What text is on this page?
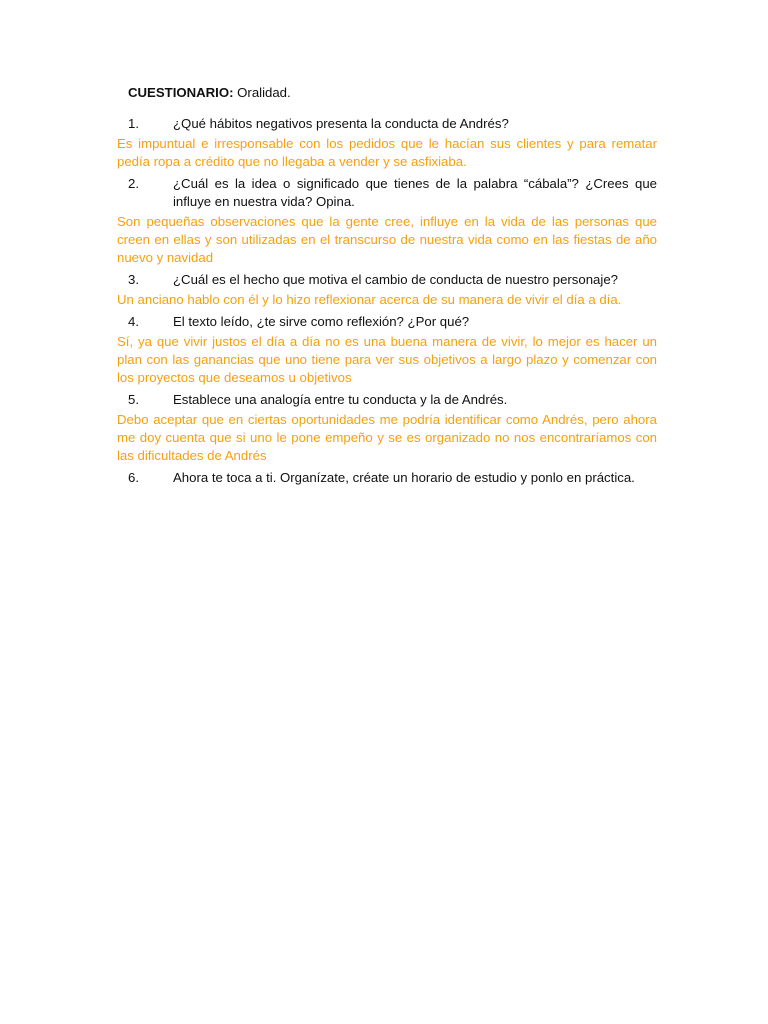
CUESTIONARIO: Oralidad.

1.	¿Qué hábitos negativos presenta la conducta de Andrés?

Es impuntual e irresponsable con los pedidos que le hacían sus clientes y para rematar pedía ropa a crédito que no llegaba a vender y se asfixiaba.

2.	¿Cuál es la idea o significado que tienes de la palabra “cábala”? ¿Crees que influye en nuestra vida? Opina.

Son pequeñas observaciones que la gente cree, influye en la vida de las personas que creen en ellas y son utilizadas en el transcurso de nuestra vida como en las fiestas de año nuevo y navidad

3.	¿Cuál es el hecho que motiva el cambio de conducta de nuestro personaje?

Un anciano hablo con él y lo hizo reflexionar acerca de su manera de vivir el día a día.

4.	El texto leído, ¿te sirve como reflexión? ¿Por qué?

Sí, ya que vivir justos el día a día no es una buena manera de vivir, lo mejor es hacer un plan con las ganancias que uno tiene para ver sus objetivos a largo plazo y comenzar con los proyectos que deseamos u objetivos

5.	Establece una analogía entre tu conducta y la de Andrés.

Debo aceptar que en ciertas oportunidades me podría identificar como Andrés, pero ahora me doy cuenta que si uno le pone empeño y se es organizado no nos encontraríamos con las dificultades de Andrés

6.	Ahora te toca a ti. Organízate, créate un horario de estudio y ponlo en práctica.
